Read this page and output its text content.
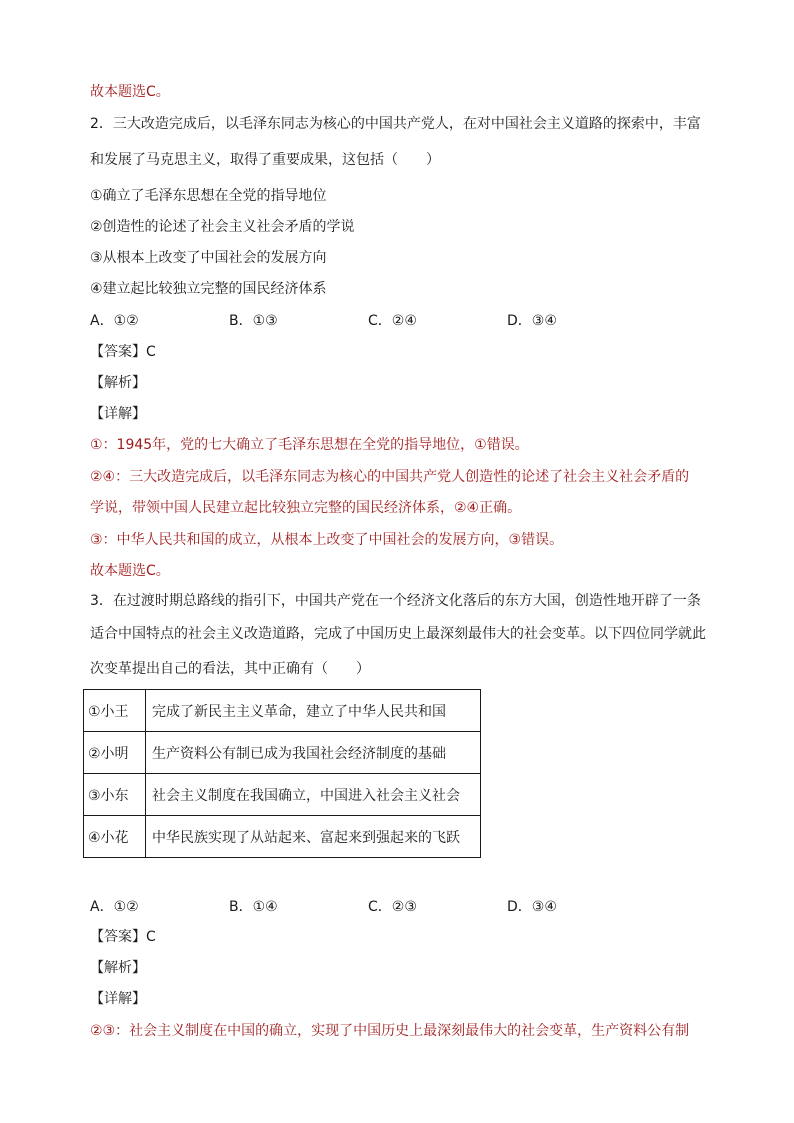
故本题选C。
2．三大改造完成后，以毛泽东同志为核心的中国共产党人，在对中国社会主义道路的探索中，丰富
和发展了马克思主义，取得了重要成果，这包括（　　）
①确立了毛泽东思想在全党的指导地位
②创造性的论述了社会主义社会矛盾的学说
③从根本上改变了中国社会的发展方向
④建立起比较独立完整的国民经济体系
A．①②	B．①③	C．②④	D．③④
【答案】C
【解析】
【详解】
①：1945年，党的七大确立了毛泽东思想在全党的指导地位，①错误。
②④：三大改造完成后，以毛泽东同志为核心的中国共产党人创造性的论述了社会主义社会矛盾的
学说，带领中国人民建立起比较独立完整的国民经济体系，②④正确。
③：中华人民共和国的成立，从根本上改变了中国社会的发展方向，③错误。
故本题选C。
3．在过渡时期总路线的指引下，中国共产党在一个经济文化落后的东方大国，创造性地开辟了一条
适合中国特点的社会主义改造道路，完成了中国历史上最深刻最伟大的社会变革。以下四位同学就此
次变革提出自己的看法，其中正确有（　　）
①小王	完成了新民主主义革命，建立了中华人民共和国
②小明	生产资料公有制已成为我国社会经济制度的基础
③小东	社会主义制度在我国确立，中国进入社会主义社会
④小花	中华民族实现了从站起来、富起来到强起来的飞跃
A．①②	B．①④	C．②③	D．③④
【答案】C
【解析】
【详解】
②③：社会主义制度在中国的确立，实现了中国历史上最深刻最伟大的社会变革，生产资料公有制
